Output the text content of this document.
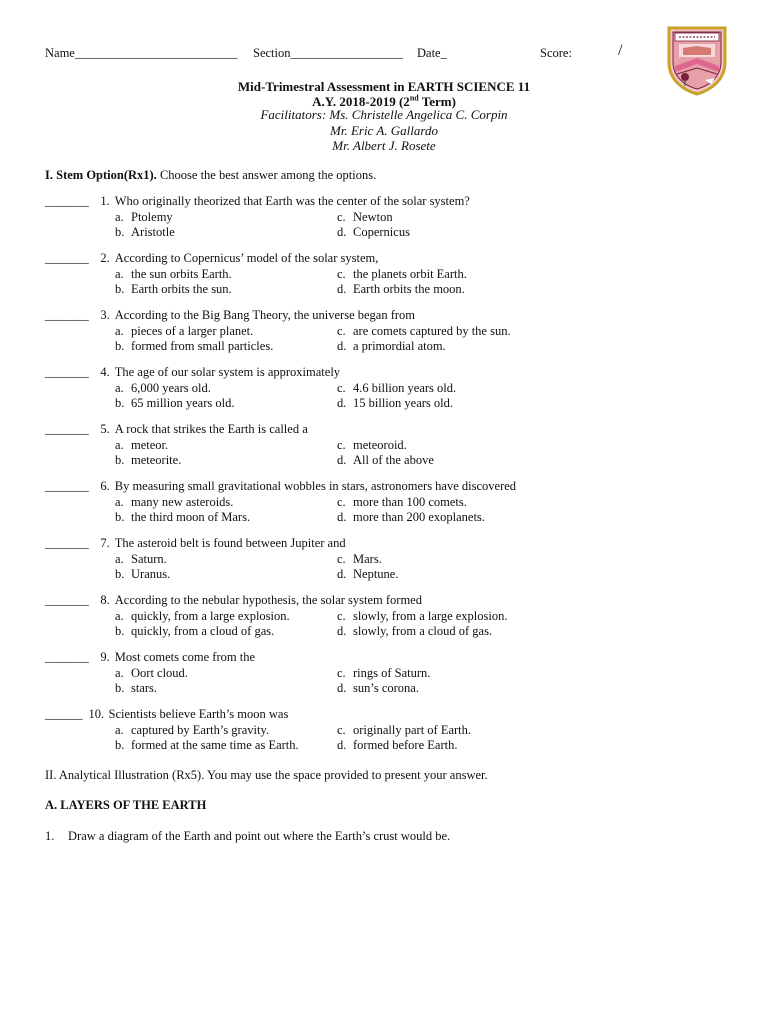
Name__________________________ Section__________________ Date_	Score:	/
Mid-Trimestral Assessment in EARTH SCIENCE 11
A.Y. 2018-2019 (2nd Term)
Facilitators: Ms. Christelle Angelica C. Corpin
Mr. Eric A. Gallardo
Mr. Albert J. Rosete
I. Stem Option(Rx1). Choose the best answer among the options.
_______ 1. Who originally theorized that Earth was the center of the solar system?
a. Ptolemy	c. Newton
b. Aristotle	d. Copernicus
_______ 2. According to Copernicus’ model of the solar system,
a. the sun orbits Earth.	c. the planets orbit Earth.
b. Earth orbits the sun.	d. Earth orbits the moon.
_______ 3. According to the Big Bang Theory, the universe began from
a. pieces of a larger planet.	c. are comets captured by the sun.
b. formed from small particles.	d. a primordial atom.
_______ 4. The age of our solar system is approximately
a. 6,000 years old.	c. 4.6 billion years old.
b. 65 million years old.	d. 15 billion years old.
_______ 5. A rock that strikes the Earth is called a
a. meteor.	c. meteoroid.
b. meteorite.	d. All of the above
_______ 6. By measuring small gravitational wobbles in stars, astronomers have discovered
a. many new asteroids.	c. more than 100 comets.
b. the third moon of Mars.	d. more than 200 exoplanets.
_______ 7. The asteroid belt is found between Jupiter and
a. Saturn.	c. Mars.
b. Uranus.	d. Neptune.
_______ 8. According to the nebular hypothesis, the solar system formed
a. quickly, from a large explosion.	c. slowly, from a large explosion.
b. quickly, from a cloud of gas.	d. slowly, from a cloud of gas.
_______ 9. Most comets come from the
a. Oort cloud.	c. rings of Saturn.
b. stars.	d. sun’s corona.
______ 10. Scientists believe Earth’s moon was
a. captured by Earth’s gravity.	c. originally part of Earth.
b. formed at the same time as Earth.	d. formed before Earth.
II. Analytical Illustration (Rx5). You may use the space provided to present your answer.
A. LAYERS OF THE EARTH
1. Draw a diagram of the Earth and point out where the Earth’s crust would be.
